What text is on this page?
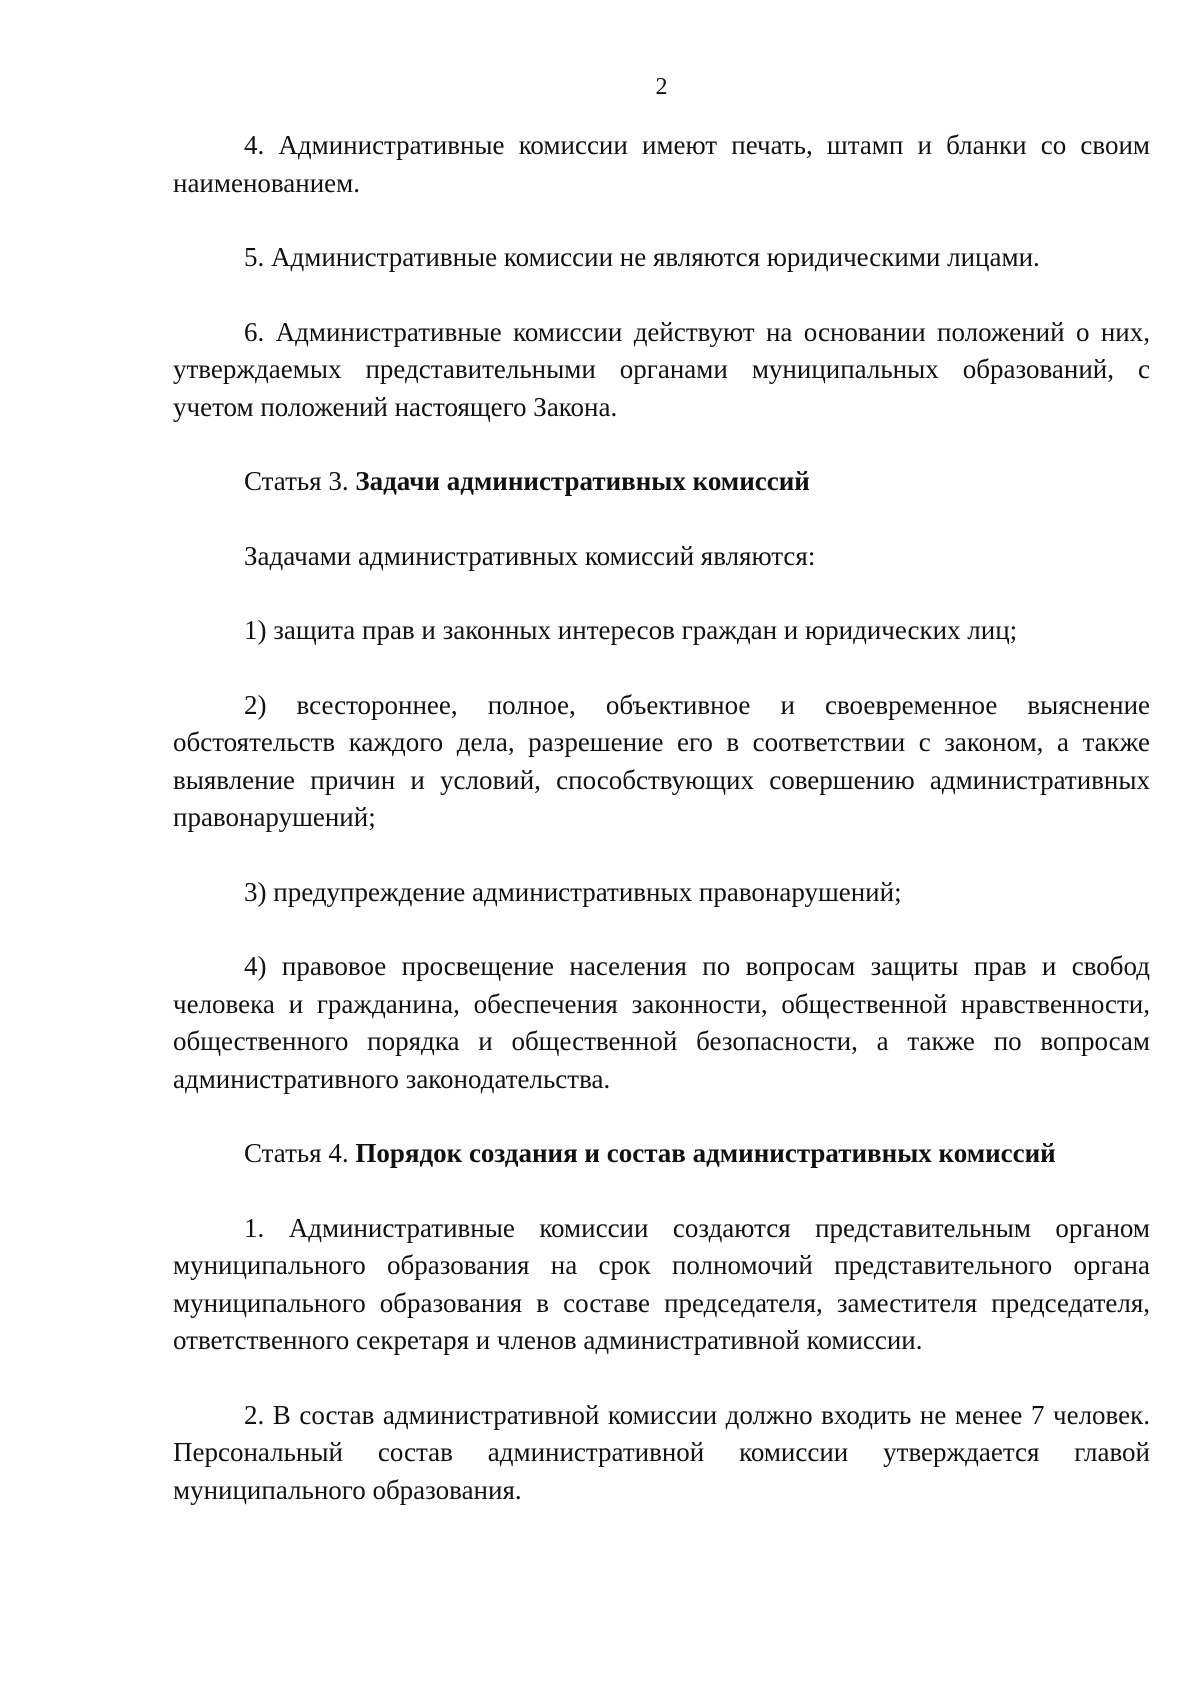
2

4. Административные комиссии имеют печать, штамп и бланки со своим наименованием.

5. Административные комиссии не являются юридическими лицами.

6. Административные комиссии действуют на основании положений о них, утверждаемых представительными органами муниципальных образований, с учетом положений настоящего Закона.

Статья 3. Задачи административных комиссий

Задачами административных комиссий являются:

1) защита прав и законных интересов граждан и юридических лиц;

2) всестороннее, полное, объективное и своевременное выяснение обстоятельств каждого дела, разрешение его в соответствии с законом, а также выявление причин и условий, способствующих совершению административных правонарушений;

3) предупреждение административных правонарушений;

4) правовое просвещение населения по вопросам защиты прав и свобод человека и гражданина, обеспечения законности, общественной нравственности, общественного порядка и общественной безопасности, а также по вопросам административного законодательства.

Статья 4. Порядок создания и состав административных комиссий

1. Административные комиссии создаются представительным органом муниципального образования на срок полномочий представительного органа муниципального образования в составе председателя, заместителя председателя, ответственного секретаря и членов административной комиссии.

2. В состав административной комиссии должно входить не менее 7 человек. Персональный состав административной комиссии утверждается главой муниципального образования.
